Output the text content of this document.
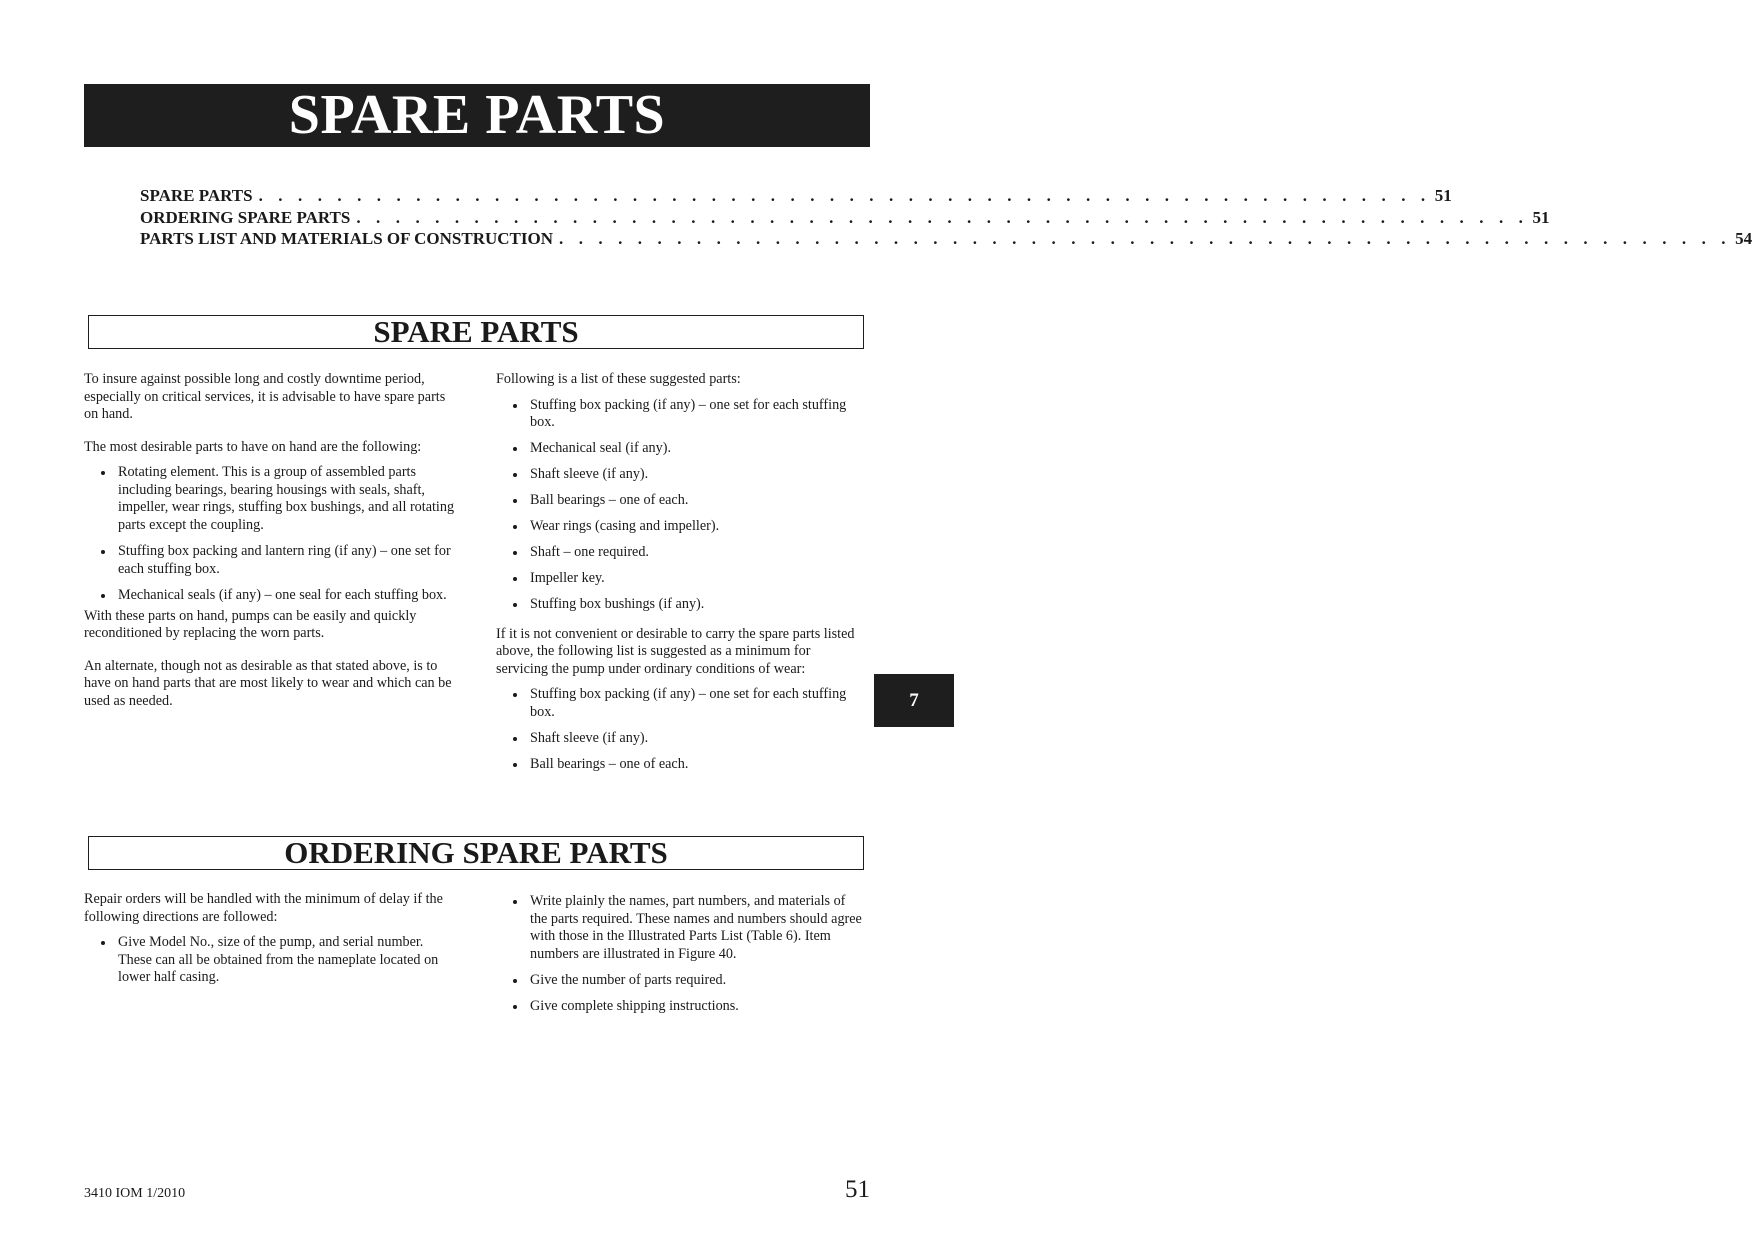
SPARE PARTS
SPARE PARTS . . . . . . . . . . . . . . . . . . . . . . . . . . . . . . . . . . . . . . . . . . . . . . . . . . . . . . . . . . . . 51
ORDERING SPARE PARTS . . . . . . . . . . . . . . . . . . . . . . . . . . . . . . . . . . . . . . . . . . . . . . . . . . . . . . . . . . . . 51
PARTS LIST AND MATERIALS OF CONSTRUCTION . . . . . . . . . . . . . . . . . . . . . . . . . . . . . . . . . . . . . . . . . . . . . . . . . . . . . . . . . . . . 54
SPARE PARTS

To insure against possible long and costly downtime period, especially on critical services, it is advisable to have spare parts on hand.

The most desirable parts to have on hand are the following:

Rotating element. This is a group of assembled parts including bearings, bearing housings with seals, shaft, impeller, wear rings, stuffing box bushings, and all rotating parts except the coupling.
Stuffing box packing and lantern ring (if any) – one set for each stuffing box.
Mechanical seals (if any) – one seal for each stuffing box.

With these parts on hand, pumps can be easily and quickly reconditioned by replacing the worn parts.

An alternate, though not as desirable as that stated above, is to have on hand parts that are most likely to wear and which can be used as needed.

Following is a list of these suggested parts:

Stuffing box packing (if any) – one set for each stuffing box.
Mechanical seal (if any).
Shaft sleeve (if any).
Ball bearings – one of each.
Wear rings (casing and impeller).
Shaft – one required.
Impeller key.
Stuffing box bushings (if any).

If it is not convenient or desirable to carry the spare parts listed above, the following list is suggested as a minimum for servicing the pump under ordinary conditions of wear:

Stuffing box packing (if any) – one set for each stuffing box.
Shaft sleeve (if any).
Ball bearings – one of each.
7
ORDERING SPARE PARTS

Repair orders will be handled with the minimum of delay if the following directions are followed:

Give Model No., size of the pump, and serial number. These can all be obtained from the nameplate located on lower half casing.
Write plainly the names, part numbers, and materials of the parts required. These names and numbers should agree with those in the Illustrated Parts List (Table 6). Item numbers are illustrated in Figure 40.
Give the number of parts required.
Give complete shipping instructions.
3410 IOM 1/2010	51
